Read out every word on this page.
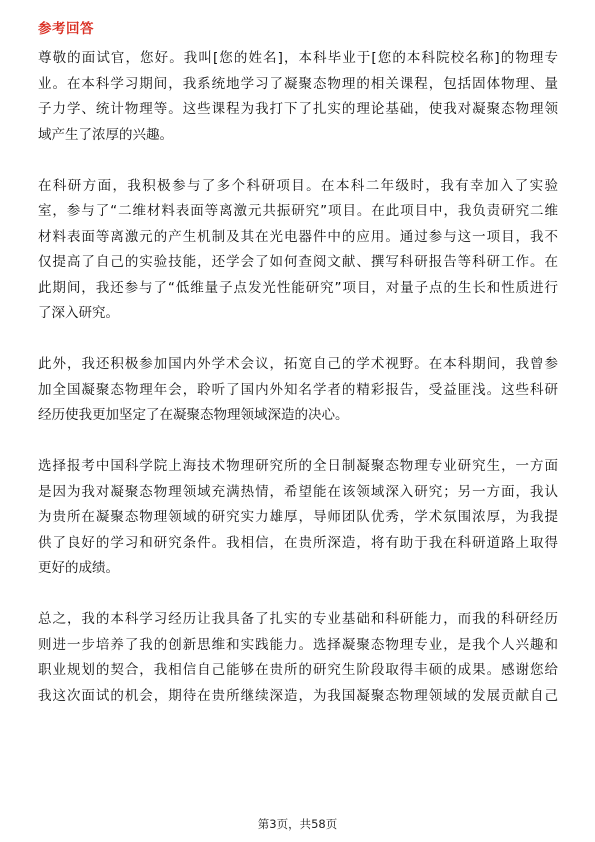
参考回答

尊敬的面试官，您好。我叫[您的姓名]，本科毕业于[您的本科院校名称]的物理专
业。在本科学习期间，我系统地学习了凝聚态物理的相关课程，包括固体物理、量
子力学、统计物理等。这些课程为我打下了扎实的理论基础，使我对凝聚态物理领
域产生了浓厚的兴趣。

在科研方面，我积极参与了多个科研项目。在本科二年级时，我有幸加入了实验
室，参与了“二维材料表面等离激元共振研究”项目。在此项目中，我负责研究二维
材料表面等离激元的产生机制及其在光电器件中的应用。通过参与这一项目，我不
仅提高了自己的实验技能，还学会了如何查阅文献、撰写科研报告等科研工作。在
此期间，我还参与了“低维量子点发光性能研究”项目，对量子点的生长和性质进行
了深入研究。

此外，我还积极参加国内外学术会议，拓宽自己的学术视野。在本科期间，我曾参
加全国凝聚态物理年会，聆听了国内外知名学者的精彩报告，受益匪浅。这些科研
经历使我更加坚定了在凝聚态物理领域深造的决心。

选择报考中国科学院上海技术物理研究所的全日制凝聚态物理专业研究生，一方面
是因为我对凝聚态物理领域充满热情，希望能在该领域深入研究；另一方面，我认
为贵所在凝聚态物理领域的研究实力雄厚，导师团队优秀，学术氛围浓厚，为我提
供了良好的学习和研究条件。我相信，在贵所深造，将有助于我在科研道路上取得
更好的成绩。

总之，我的本科学习经历让我具备了扎实的专业基础和科研能力，而我的科研经历
则进一步培养了我的创新思维和实践能力。选择凝聚态物理专业，是我个人兴趣和
职业规划的契合，我相信自己能够在贵所的研究生阶段取得丰硕的成果。感谢您给
我这次面试的机会，期待在贵所继续深造，为我国凝聚态物理领域的发展贡献自己

第3页，共58页
